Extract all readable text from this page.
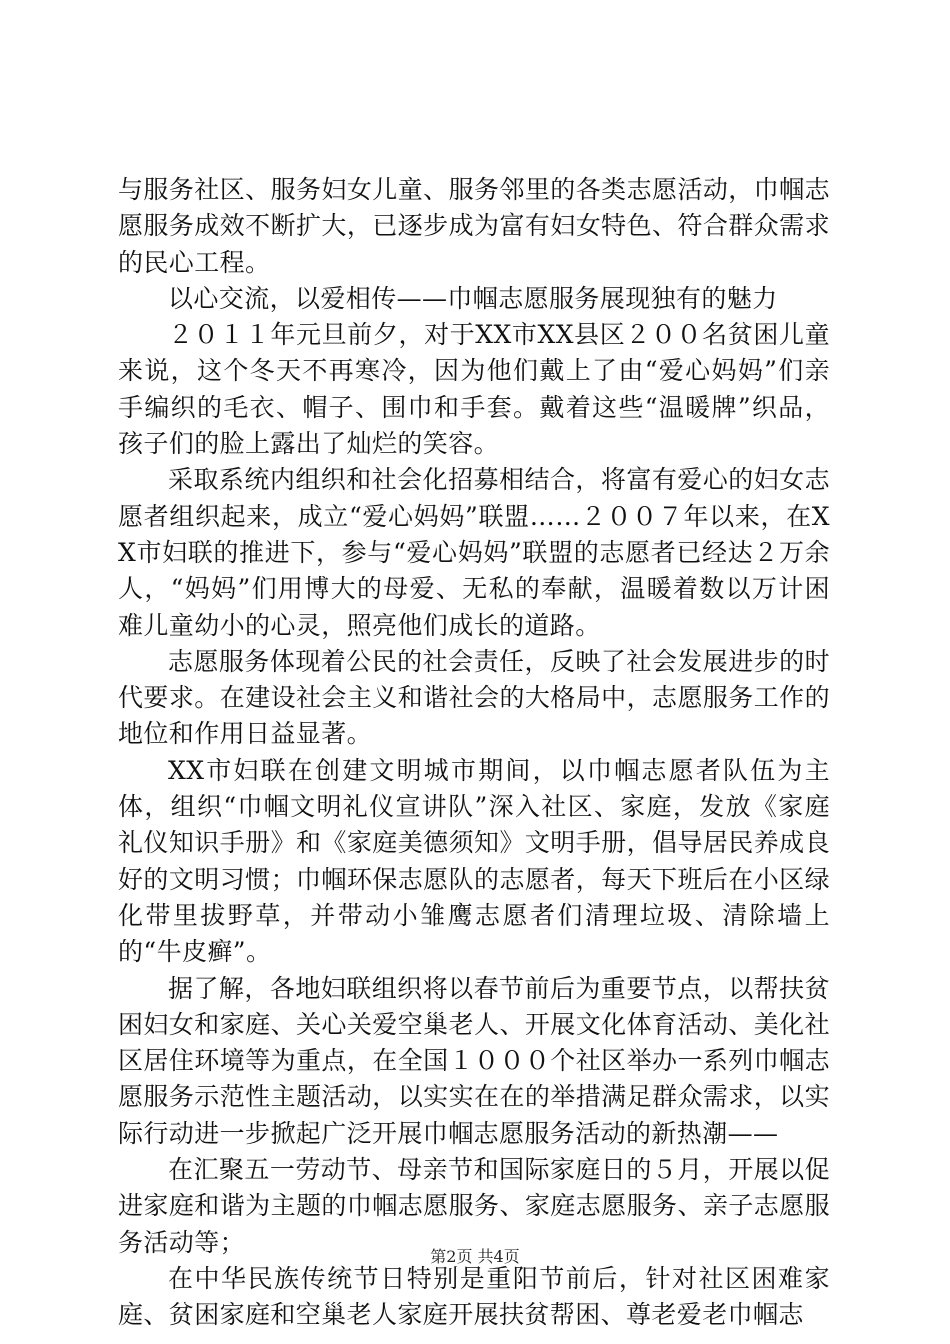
与服务社区、服务妇女儿童、服务邻里的各类志愿活动，巾帼志愿服务成效不断扩大，已逐步成为富有妇女特色、符合群众需求的民心工程。

以心交流，以爱相传——巾帼志愿服务展现独有的魅力

２０１１年元旦前夕，对于XX市XX县区２００名贫困儿童来说，这个冬天不再寒冷，因为他们戴上了由“爱心妈妈”们亲手编织的毛衣、帽子、围巾和手套。戴着这些“温暖牌”织品，孩子们的脸上露出了灿烂的笑容。

采取系统内组织和社会化招募相结合，将富有爱心的妇女志愿者组织起来，成立“爱心妈妈”联盟……２００７年以来，在XX市妇联的推进下，参与“爱心妈妈”联盟的志愿者已经达２万余人，“妈妈”们用博大的母爱、无私的奉献，温暖着数以万计困难儿童幼小的心灵，照亮他们成长的道路。

志愿服务体现着公民的社会责任，反映了社会发展进步的时代要求。在建设社会主义和谐社会的大格局中，志愿服务工作的地位和作用日益显著。

XX市妇联在创建文明城市期间，以巾帼志愿者队伍为主体，组织“巾帼文明礼仪宣讲队”深入社区、家庭，发放《家庭礼仪知识手册》和《家庭美德须知》文明手册，倡导居民养成良好的文明习惯；巾帼环保志愿队的志愿者，每天下班后在小区绿化带里拔野草，并带动小雏鹰志愿者们清理垃圾、清除墙上的“牛皮癣”。

据了解，各地妇联组织将以春节前后为重要节点，以帮扶贫困妇女和家庭、关心关爱空巢老人、开展文化体育活动、美化社区居住环境等为重点，在全国１０００个社区举办一系列巾帼志愿服务示范性主题活动，以实实在在的举措满足群众需求，以实际行动进一步掀起广泛开展巾帼志愿服务活动的新热潮——

在汇聚五一劳动节、母亲节和国际家庭日的５月，开展以促进家庭和谐为主题的巾帼志愿服务、家庭志愿服务、亲子志愿服务活动等；

在中华民族传统节日特别是重阳节前后，针对社区困难家庭、贫困家庭和空巢老人家庭开展扶贫帮困、尊老爱老巾帼志

第2页 共4页
